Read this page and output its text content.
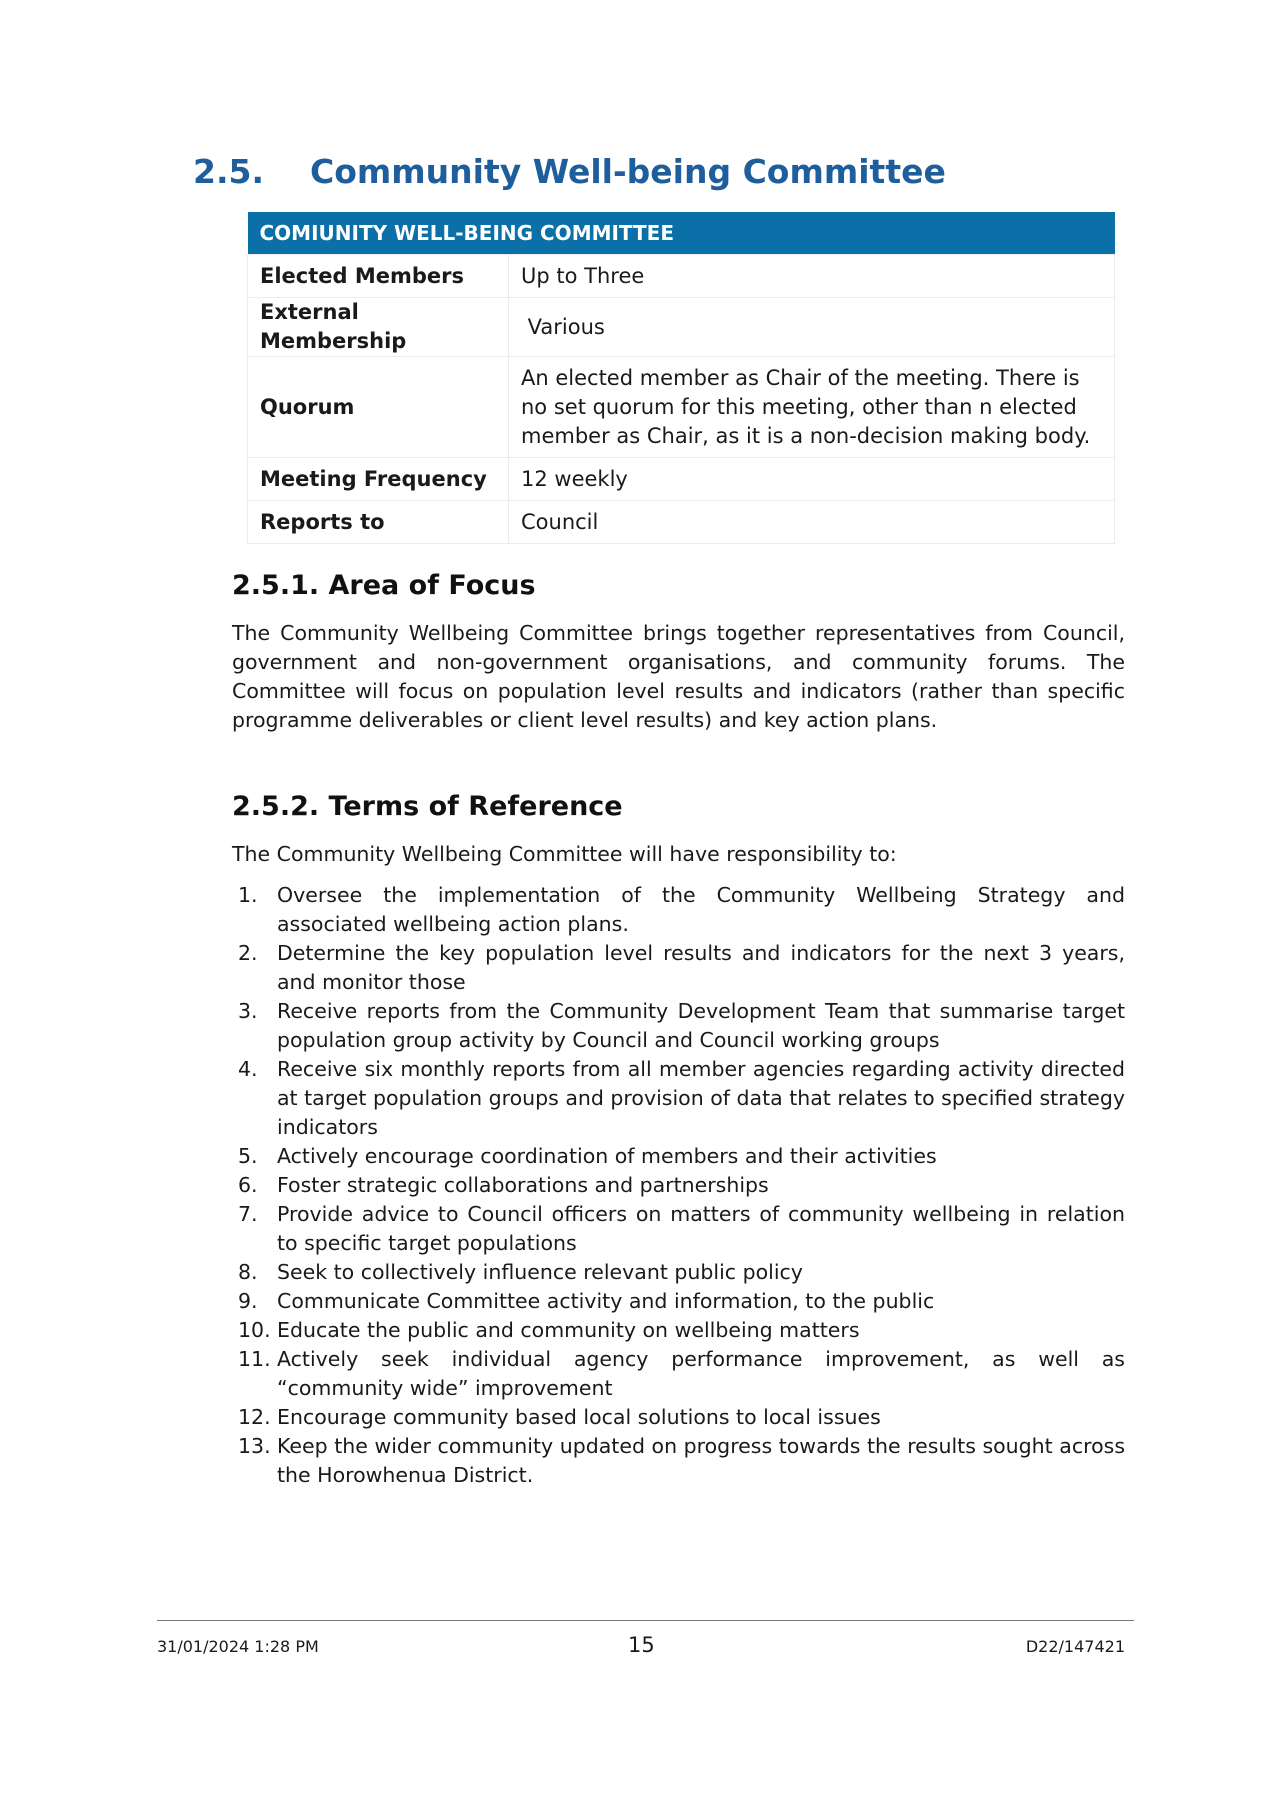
2.5. Community Well-being Committee
COMIUNITY WELL-BEING COMMITTEE	
Elected Members	Up to Three
External Membership	Various
Quorum	An elected member as Chair of the meeting. There is no set quorum for this meeting, other than n elected member as Chair, as it is a non-decision making body.
Meeting Frequency	12 weekly
Reports to	Council
2.5.1. Area of Focus

The Community Wellbeing Committee brings together representatives from Council, government and non-government organisations, and community forums. The Committee will focus on population level results and indicators (rather than specific programme deliverables or client level results) and key action plans.

2.5.2. Terms of Reference

The Community Wellbeing Committee will have responsibility to:

1. Oversee the implementation of the Community Wellbeing Strategy and associated wellbeing action plans.
2. Determine the key population level results and indicators for the next 3 years, and monitor those
3. Receive reports from the Community Development Team that summarise target population group activity by Council and Council working groups
4. Receive six monthly reports from all member agencies regarding activity directed at target population groups and provision of data that relates to specified strategy indicators
5. Actively encourage coordination of members and their activities
6. Foster strategic collaborations and partnerships
7. Provide advice to Council officers on matters of community wellbeing in relation to specific target populations
8. Seek to collectively influence relevant public policy
9. Communicate Committee activity and information, to the public
10. Educate the public and community on wellbeing matters
11. Actively seek individual agency performance improvement, as well as “community wide” improvement
12. Encourage community based local solutions to local issues
13. Keep the wider community updated on progress towards the results sought across the Horowhenua District.
31/01/2024 1:28 PM	15	D22/147421
